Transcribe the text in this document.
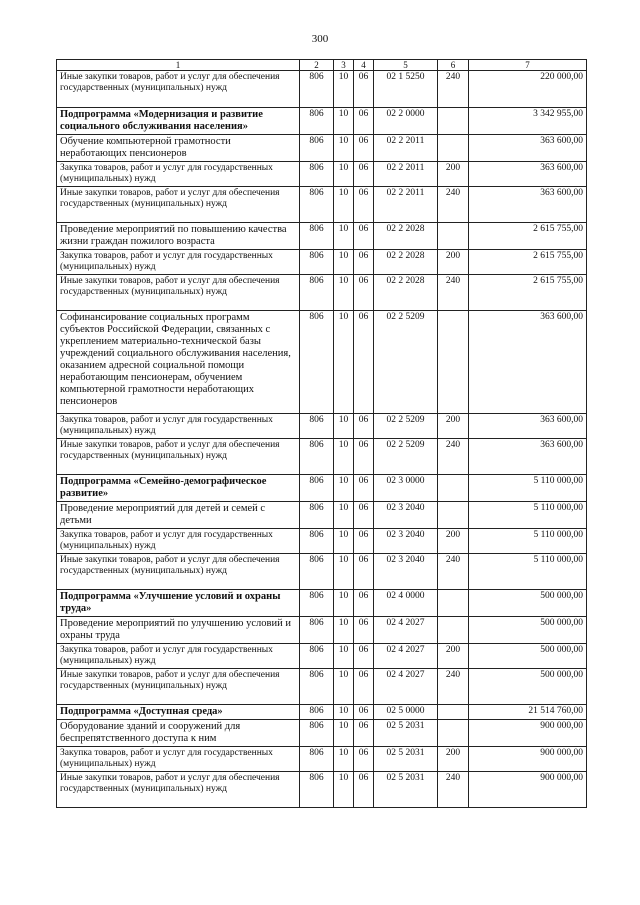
300
1	2	3	4	5	6	7
Иные закупки товаров, работ и услуг для обеспечения государственных (муниципальных) нужд	806	10	06	02 1 5250	240	220 000,00
Подпрограмма «Модернизация и развитие социального обслуживания населения»	806	10	06	02 2 0000		3 342 955,00
Обучение компьютерной грамотности неработающих пенсионеров	806	10	06	02 2 2011		363 600,00
Закупка товаров, работ и услуг для государственных (муниципальных) нужд	806	10	06	02 2 2011	200	363 600,00
Иные закупки товаров, работ и услуг для обеспечения государственных (муниципальных) нужд	806	10	06	02 2 2011	240	363 600,00
Проведение мероприятий по повышению качества жизни граждан пожилого возраста	806	10	06	02 2 2028		2 615 755,00
Закупка товаров, работ и услуг для государственных (муниципальных) нужд	806	10	06	02 2 2028	200	2 615 755,00
Иные закупки товаров, работ и услуг для обеспечения государственных (муниципальных) нужд	806	10	06	02 2 2028	240	2 615 755,00
Софинансирование социальных программ субъектов Российской Федерации, связанных с укреплением материально-технической базы учреждений социального обслуживания населения, оказанием адресной социальной помощи неработающим пенсионерам, обучением компьютерной грамотности неработающих пенсионеров	806	10	06	02 2 5209		363 600,00
Закупка товаров, работ и услуг для государственных (муниципальных) нужд	806	10	06	02 2 5209	200	363 600,00
Иные закупки товаров, работ и услуг для обеспечения государственных (муниципальных) нужд	806	10	06	02 2 5209	240	363 600,00
Подпрограмма «Семейно-демографическое развитие»	806	10	06	02 3 0000		5 110 000,00
Проведение мероприятий для детей и семей с детьми	806	10	06	02 3 2040		5 110 000,00
Закупка товаров, работ и услуг для государственных (муниципальных) нужд	806	10	06	02 3 2040	200	5 110 000,00
Иные закупки товаров, работ и услуг для обеспечения государственных (муниципальных) нужд	806	10	06	02 3 2040	240	5 110 000,00
Подпрограмма «Улучшение условий и охраны труда»	806	10	06	02 4 0000		500 000,00
Проведение мероприятий по улучшению условий и охраны труда	806	10	06	02 4 2027		500 000,00
Закупка товаров, работ и услуг для государственных (муниципальных) нужд	806	10	06	02 4 2027	200	500 000,00
Иные закупки товаров, работ и услуг для обеспечения государственных (муниципальных) нужд	806	10	06	02 4 2027	240	500 000,00
Подпрограмма «Доступная среда»	806	10	06	02 5 0000		21 514 760,00
Оборудование зданий и сооружений для беспрепятственного доступа к ним	806	10	06	02 5 2031		900 000,00
Закупка товаров, работ и услуг для государственных (муниципальных) нужд	806	10	06	02 5 2031	200	900 000,00
Иные закупки товаров, работ и услуг для обеспечения государственных (муниципальных) нужд	806	10	06	02 5 2031	240	900 000,00
